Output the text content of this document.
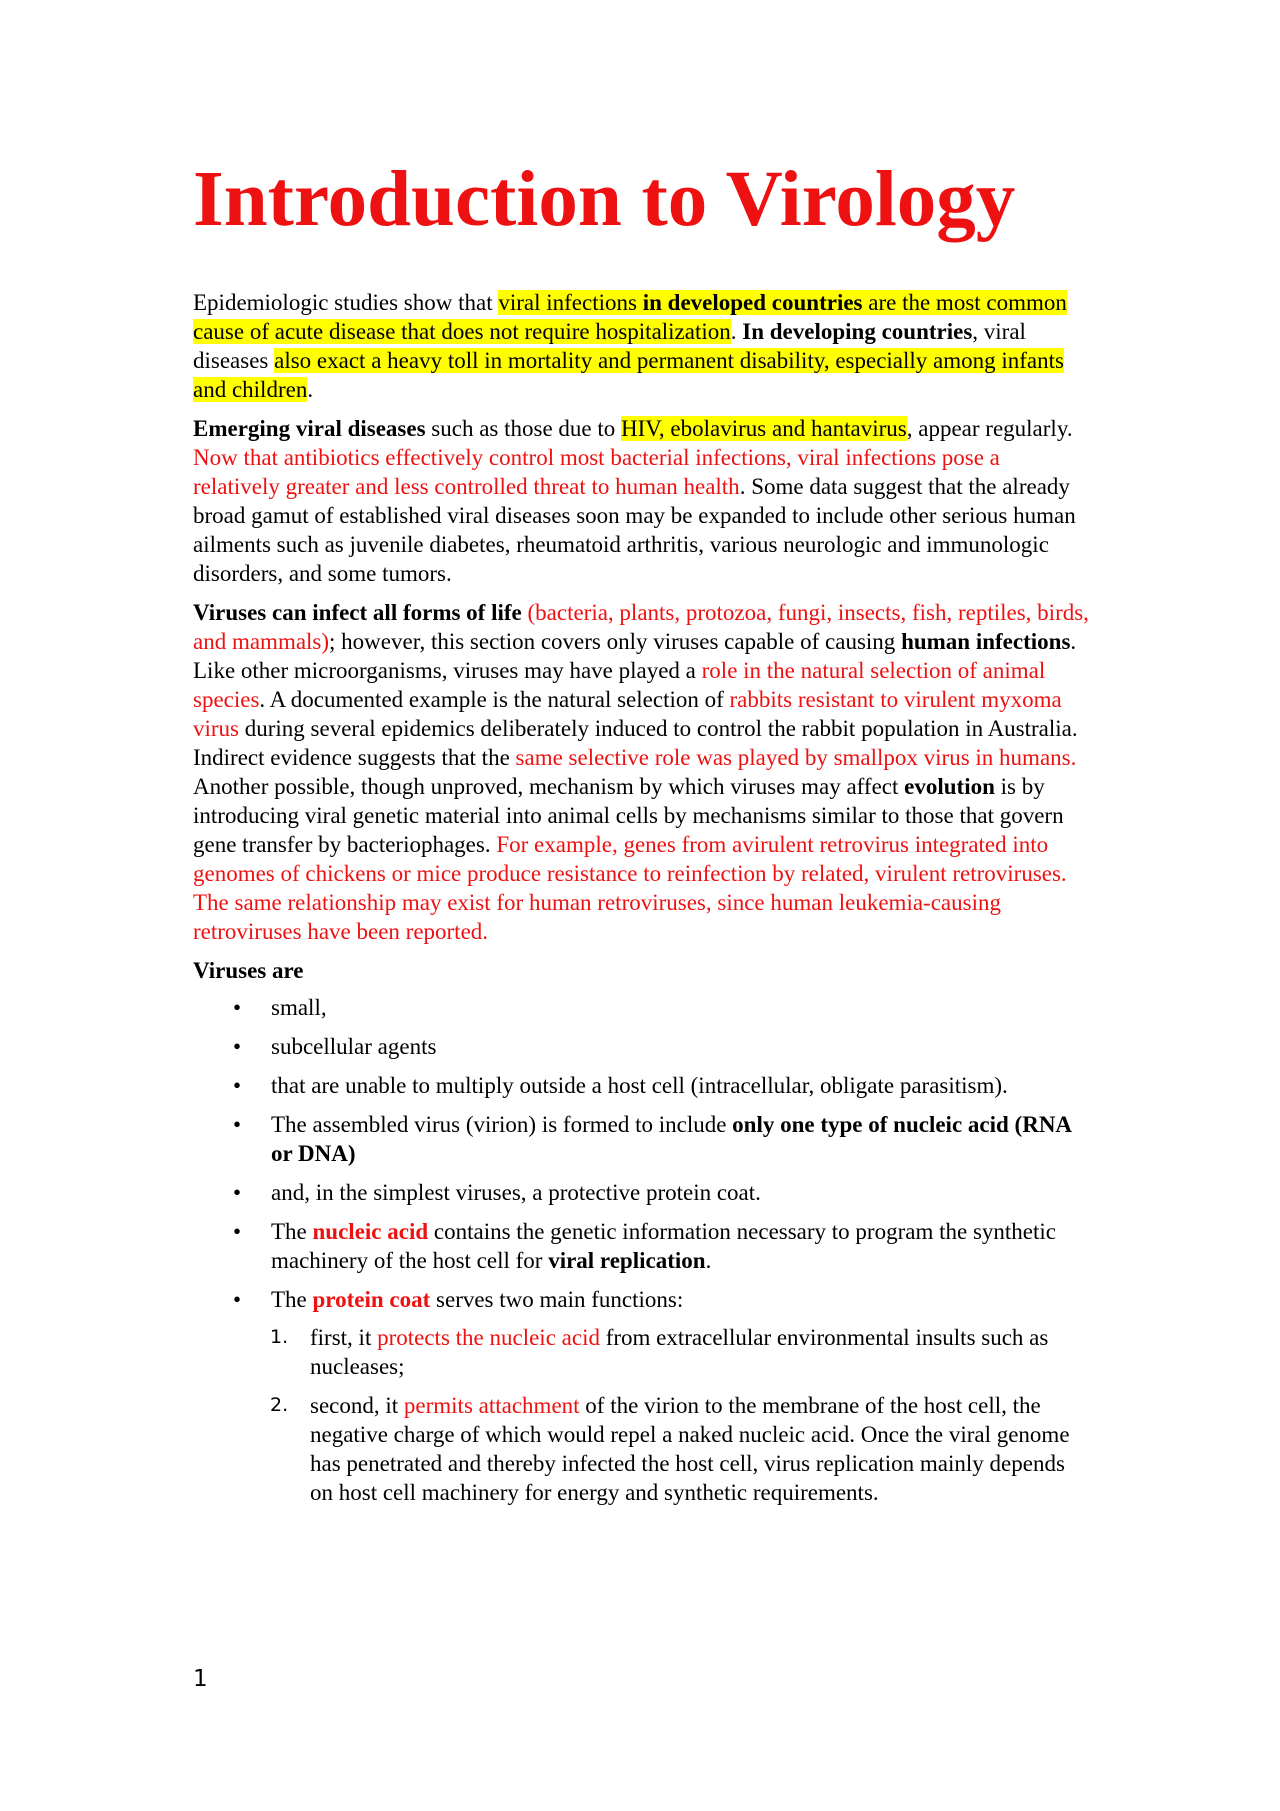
Introduction to Virology

Epidemiologic studies show that viral infections in developed countries are the most common cause of acute disease that does not require hospitalization. In developing countries, viral diseases also exact a heavy toll in mortality and permanent disability, especially among infants and children.

Emerging viral diseases such as those due to HIV, ebolavirus and hantavirus, appear regularly. Now that antibiotics effectively control most bacterial infections, viral infections pose a relatively greater and less controlled threat to human health. Some data suggest that the already broad gamut of established viral diseases soon may be expanded to include other serious human ailments such as juvenile diabetes, rheumatoid arthritis, various neurologic and immunologic disorders, and some tumors.

Viruses can infect all forms of life (bacteria, plants, protozoa, fungi, insects, fish, reptiles, birds, and mammals); however, this section covers only viruses capable of causing human infections. Like other microorganisms, viruses may have played a role in the natural selection of animal species. A documented example is the natural selection of rabbits resistant to virulent myxoma virus during several epidemics deliberately induced to control the rabbit population in Australia. Indirect evidence suggests that the same selective role was played by smallpox virus in humans. Another possible, though unproved, mechanism by which viruses may affect evolution is by introducing viral genetic material into animal cells by mechanisms similar to those that govern gene transfer by bacteriophages. For example, genes from avirulent retrovirus integrated into genomes of chickens or mice produce resistance to reinfection by related, virulent retroviruses. The same relationship may exist for human retroviruses, since human leukemia-causing retroviruses have been reported.

Viruses are
• small,
• subcellular agents
• that are unable to multiply outside a host cell (intracellular, obligate parasitism).
• The assembled virus (virion) is formed to include only one type of nucleic acid (RNA or DNA)
• and, in the simplest viruses, a protective protein coat.
• The nucleic acid contains the genetic information necessary to program the synthetic machinery of the host cell for viral replication.
• The protein coat serves two main functions:
1. first, it protects the nucleic acid from extracellular environmental insults such as nucleases;
2. second, it permits attachment of the virion to the membrane of the host cell, the negative charge of which would repel a naked nucleic acid. Once the viral genome has penetrated and thereby infected the host cell, virus replication mainly depends on host cell machinery for energy and synthetic requirements.
1
